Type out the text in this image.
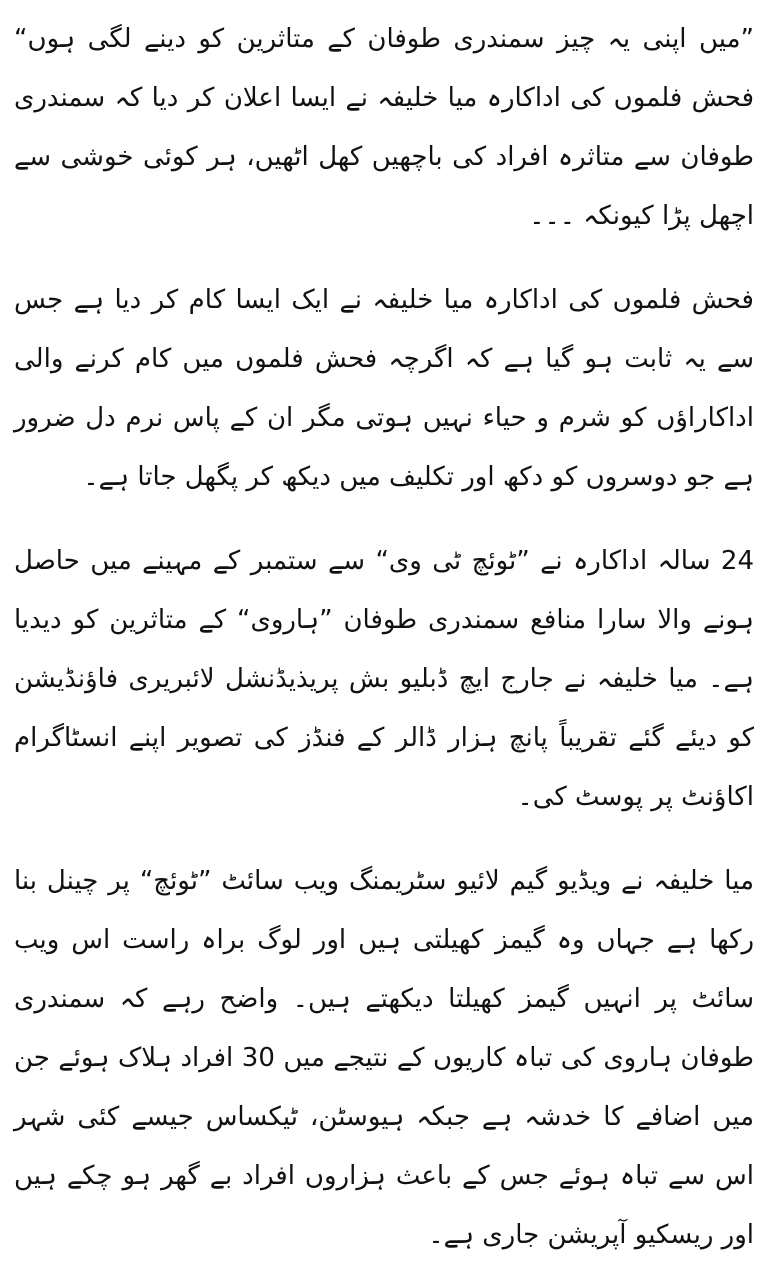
”میں اپنی یہ چیز سمندری طوفان کے متاثرین کو دینے لگی ہوں“ فحش فلموں کی اداکارہ میا خلیفہ نے ایسا اعلان کر دیا کہ سمندری طوفان سے متاثرہ افراد کی باچھیں کھل اٹھیں، ہر کوئی خوشی سے اچھل پڑا کیونکہ ۔۔۔

فحش فلموں کی اداکارہ میا خلیفہ نے ایک ایسا کام کر دیا ہے جس سے یہ ثابت ہو گیا ہے کہ اگرچہ فحش فلموں میں کام کرنے والی اداکاراﺅں کو شرم و حیاء نہیں ہوتی مگر ان کے پاس نرم دل ضرور ہے جو دوسروں کو دکھ اور تکلیف میں دیکھ کر پگھل جاتا ہے۔

24 سالہ اداکارہ نے ”ٹوئچ ٹی وی“ سے ستمبر کے مہینے میں حاصل ہونے والا سارا منافع سمندری طوفان ”ہاروی“ کے متاثرین کو دیدیا ہے۔ میا خلیفہ نے جارج ایچ ڈبلیو بش پریذیڈنشل لائبریری فاﺅنڈیشن کو دیئے گئے تقریباً پانچ ہزار ڈالر کے فنڈز کی تصویر اپنے انسٹاگرام اکاﺅنٹ پر پوسٹ کی۔

میا خلیفہ نے ویڈیو گیم لائیو سٹریمنگ ویب سائٹ ”ٹوئچ“ پر چینل بنا رکھا ہے جہاں وہ گیمز کھیلتی ہیں اور لوگ براہ راست اس ویب سائٹ پر انہیں گیمز کھیلتا دیکھتے ہیں۔ واضح رہے کہ سمندری طوفان ہاروی کی تباہ کاریوں کے نتیجے میں 30 افراد ہلاک ہوئے جن میں اضافے کا خدشہ ہے جبکہ ہیوسٹن، ٹیکساس جیسے کئی شہر اس سے تباہ ہوئے جس کے باعث ہزاروں افراد بے گھر ہو چکے ہیں اور ریسکیو آپریشن جاری ہے۔
